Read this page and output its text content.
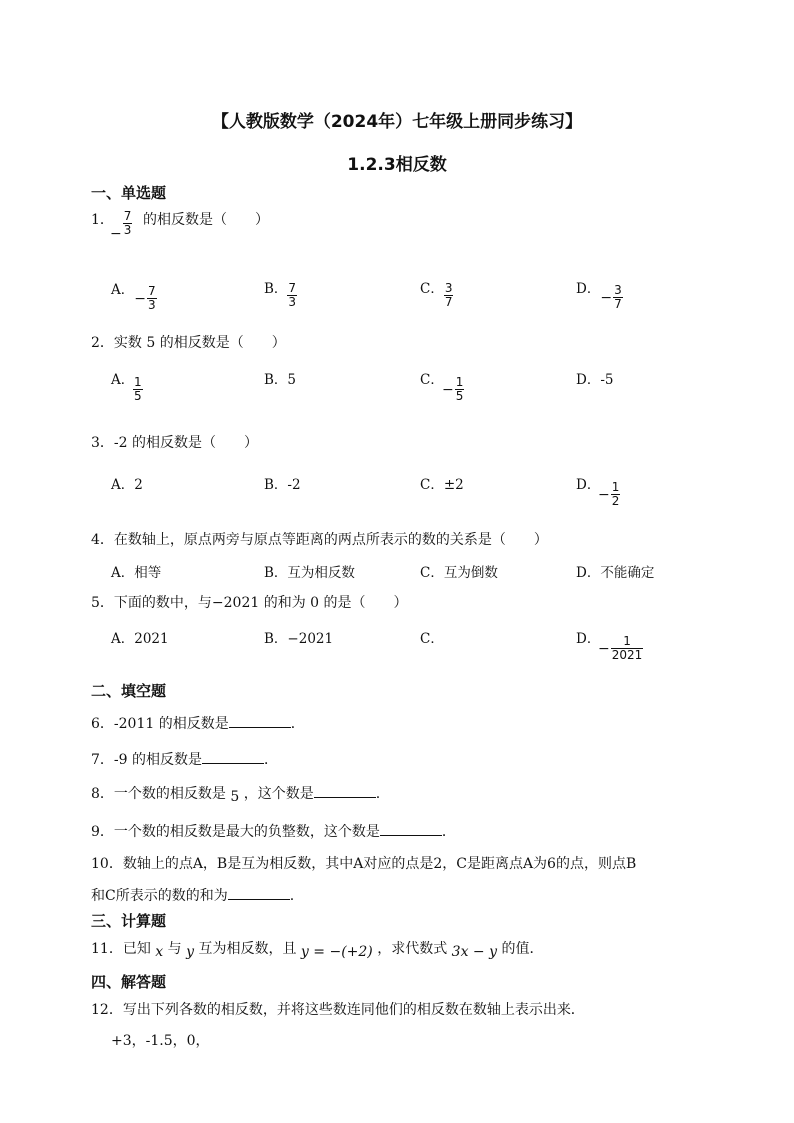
【人教版数学（2024年）七年级上册同步练习】
1.2.3相反数
一、单选题
1．
− $\frac{7}{3}$ 的相反数是（　　）
A．− $\frac{7}{3}$	B． $\frac{7}{3}$	C． $\frac{3}{7}$	D．− $\frac{3}{7}$
2．实数 5 的相反数是（　　）
A．

$\frac{1}{5}$	B．5	C．
− $\frac{1}{5}$	D．-5
3．-2 的相反数是（　　）
A．2	B．-2	C．±2	D．
− $\frac{1}{2}$
4．在数轴上，原点两旁与原点等距离的两点所表示的数的关系是（　　）
A．相等	B．互为相反数	C．互为倒数	D．不能确定
5．下面的数中，与−2021 的和为 0 的是（　　）
A．2021	B．−2021	C．	D．
− $\frac{1}{2021}$
二、填空题
6．-2011 的相反数是	．
7．-9 的相反数是	．
8．一个数的相反数是 5 ，这个数是	.
9．一个数的相反数是最大的负整数，这个数是	．
10．数轴上的点A，B是互为相反数，其中A对应的点是2，C是距离点A为6的点，则点B
和C所表示的数的和为	.
三、计算题
11．已知 x 与 y 互为相反数，且 y = −(+2) ，求代数式 3x − y 的值．
四、解答题
12．写出下列各数的相反数，并将这些数连同他们的相反数在数轴上表示出来．
+3，-1.5，0，
